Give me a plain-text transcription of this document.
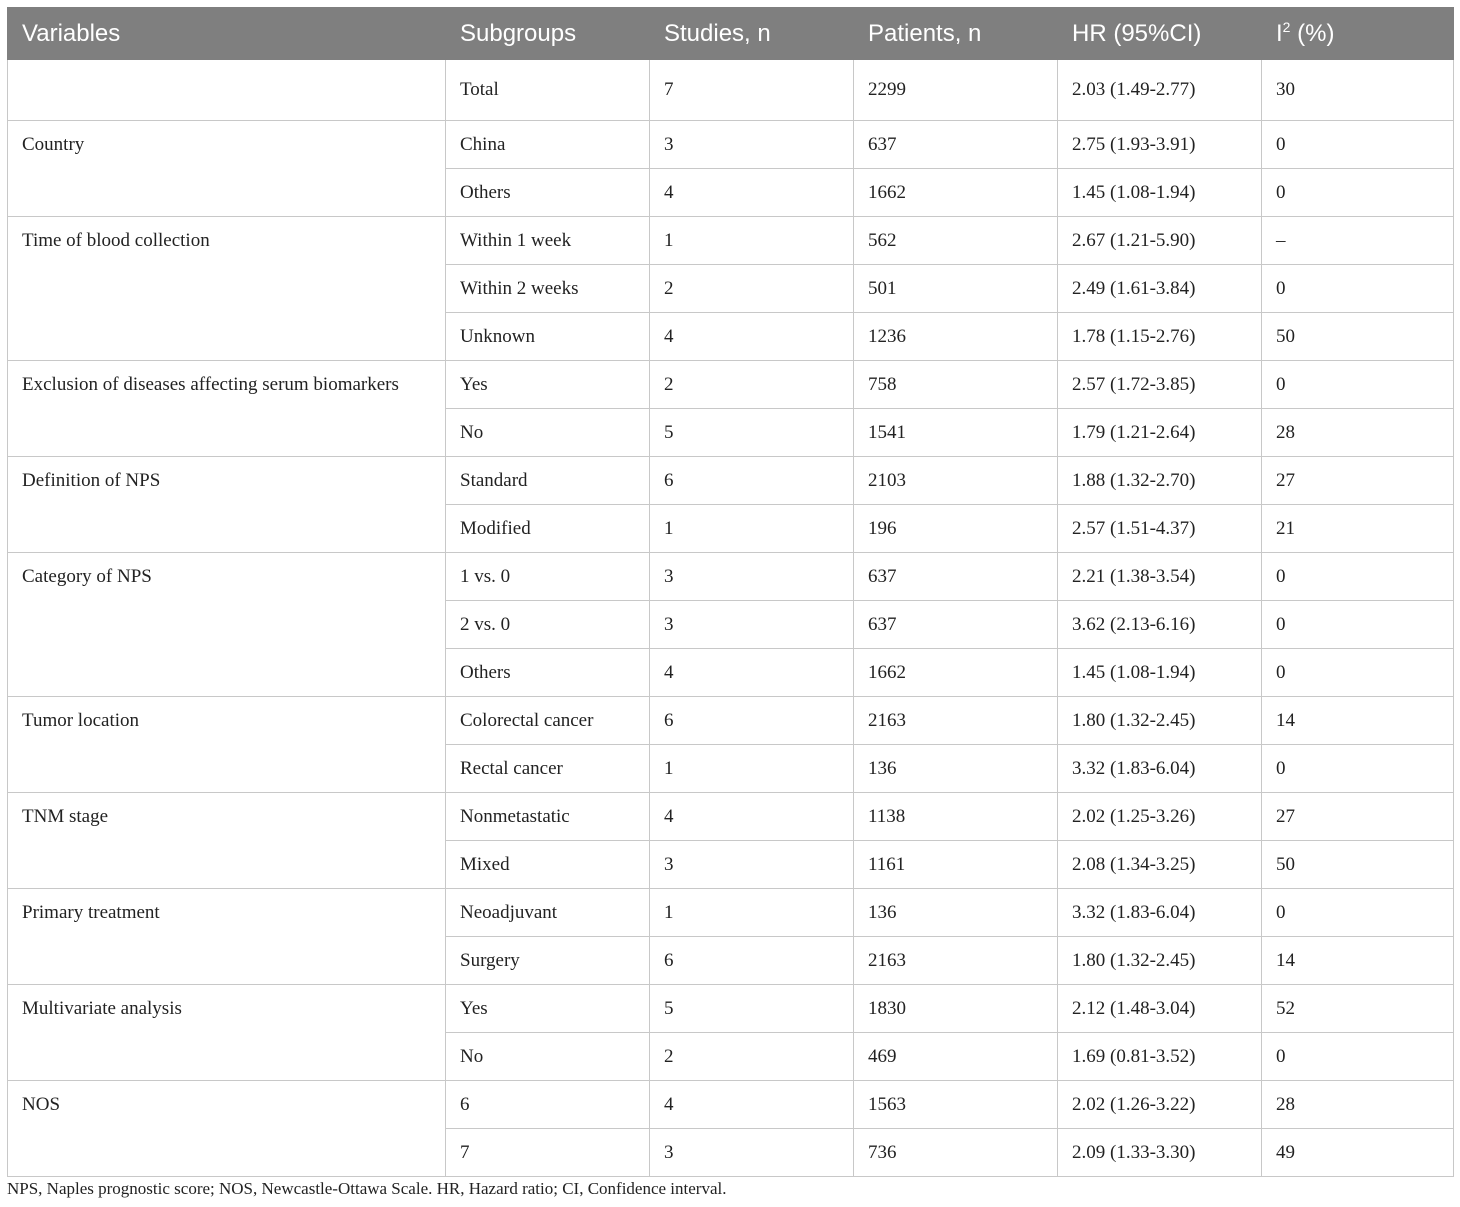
Variables	Subgroups	Studies, n	Patients, n	HR (95%CI)	$I^2$ (%)
	Total	7	2299	2.03 (1.49-2.77)	30
Country	China	3	637	2.75 (1.93-3.91)	0
	Others	4	1662	1.45 (1.08-1.94)	0
Time of blood collection	Within 1 week	1	562	2.67 (1.21-5.90)	–
	Within 2 weeks	2	501	2.49 (1.61-3.84)	0
	Unknown	4	1236	1.78 (1.15-2.76)	50
Exclusion of diseases affecting serum biomarkers	Yes	2	758	2.57 (1.72-3.85)	0
	No	5	1541	1.79 (1.21-2.64)	28
Definition of NPS	Standard	6	2103	1.88 (1.32-2.70)	27
	Modified	1	196	2.57 (1.51-4.37)	21
Category of NPS	1 vs. 0	3	637	2.21 (1.38-3.54)	0
	2 vs. 0	3	637	3.62 (2.13-6.16)	0
	Others	4	1662	1.45 (1.08-1.94)	0
Tumor location	Colorectal cancer	6	2163	1.80 (1.32-2.45)	14
	Rectal cancer	1	136	3.32 (1.83-6.04)	0
TNM stage	Nonmetastatic	4	1138	2.02 (1.25-3.26)	27
	Mixed	3	1161	2.08 (1.34-3.25)	50
Primary treatment	Neoadjuvant	1	136	3.32 (1.83-6.04)	0
	Surgery	6	2163	1.80 (1.32-2.45)	14
Multivariate analysis	Yes	5	1830	2.12 (1.48-3.04)	52
	No	2	469	1.69 (0.81-3.52)	0
NOS	6	4	1563	2.02 (1.26-3.22)	28
	7	3	736	2.09 (1.33-3.30)	49
NPS, Naples prognostic score; NOS, Newcastle-Ottawa Scale. HR, Hazard ratio; CI, Confidence interval.
